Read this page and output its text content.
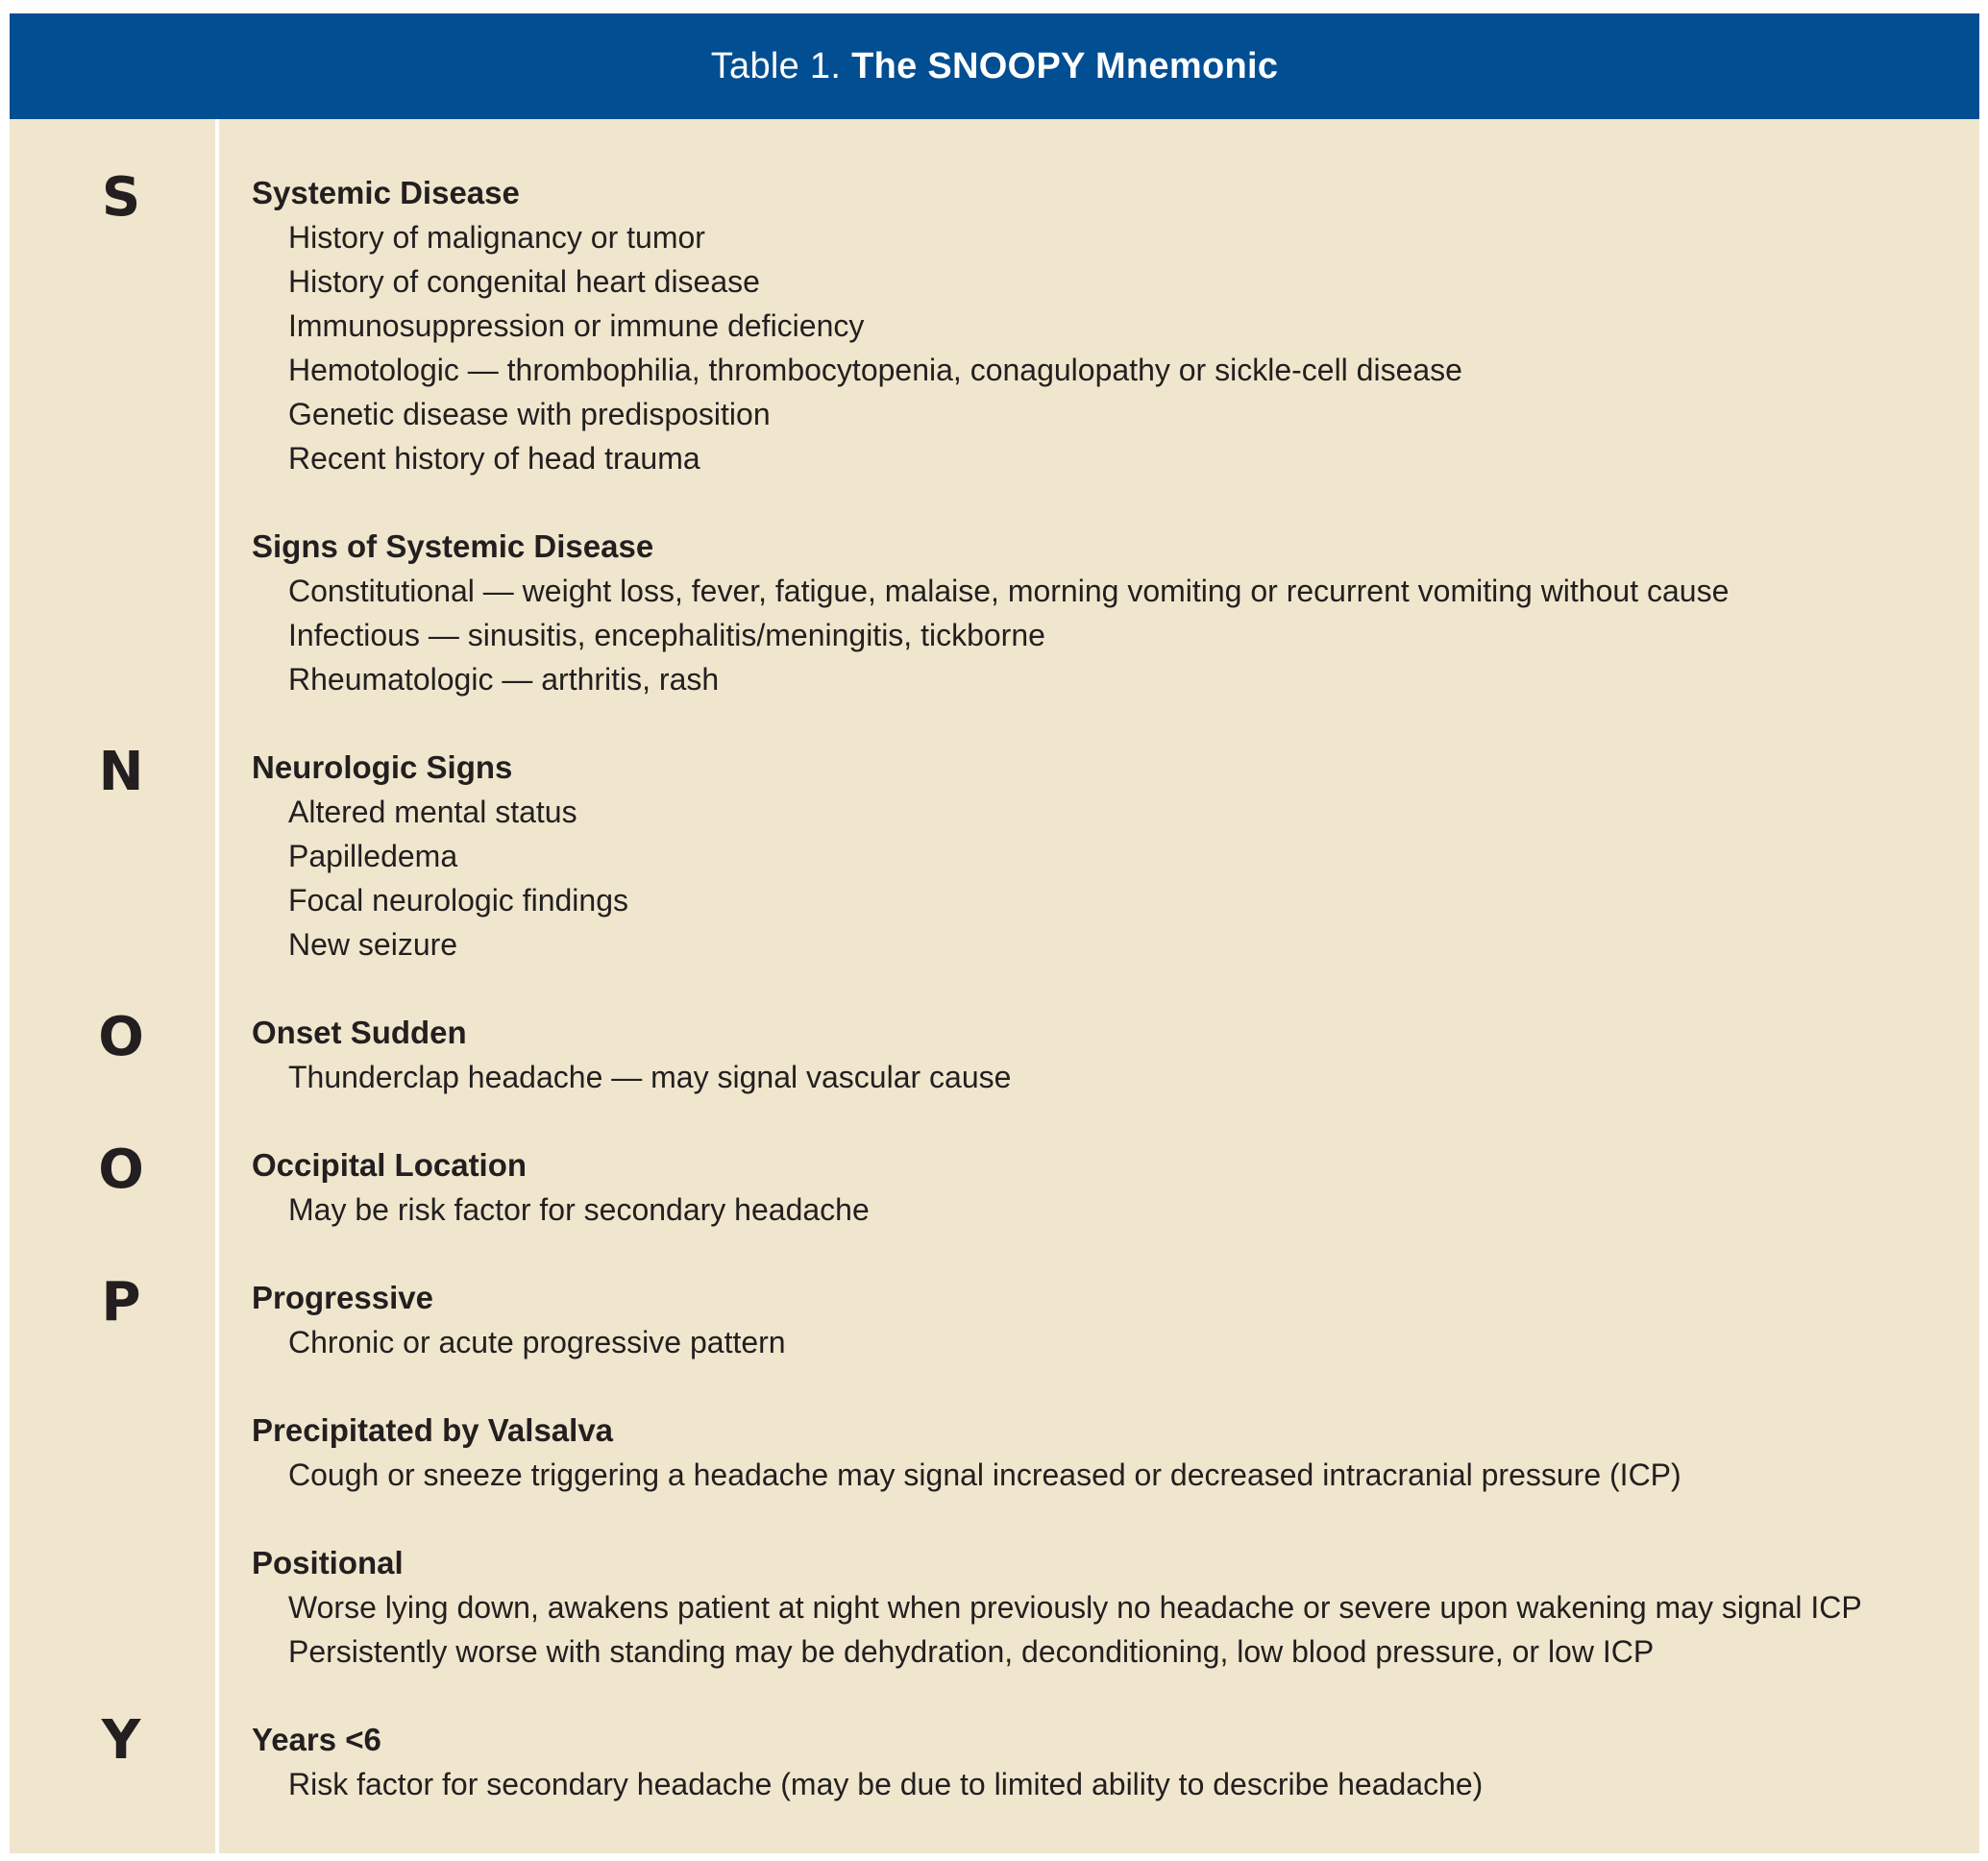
Table 1.
The SNOOPY Mnemonic
S
N
O
O
P
Y
Systemic Disease
History of malignancy or tumor
History of congenital heart disease
Immunosuppression or immune deficiency
Hemotologic — thrombophilia, thrombocytopenia, conagulopathy or sickle-cell disease
Genetic disease with predisposition
Recent history of head trauma
Signs of Systemic Disease
Constitutional — weight loss, fever, fatigue, malaise, morning vomiting or recurrent vomiting without cause
Infectious — sinusitis, encephalitis/meningitis, tickborne
Rheumatologic — arthritis, rash
Neurologic Signs
Altered mental status
Papilledema
Focal neurologic findings
New seizure
Onset Sudden
Thunderclap headache — may signal vascular cause
Occipital Location
May be risk factor for secondary headache
Progressive
Chronic or acute progressive pattern
Precipitated by Valsalva
Cough or sneeze triggering a headache may signal increased or decreased intracranial pressure (ICP)
Positional
Worse lying down, awakens patient at night when previously no headache or severe upon wakening may signal ICP
Persistently worse with standing may be dehydration, deconditioning, low blood pressure, or low ICP
Years <6
Risk factor for secondary headache (may be due to limited ability to describe headache)
